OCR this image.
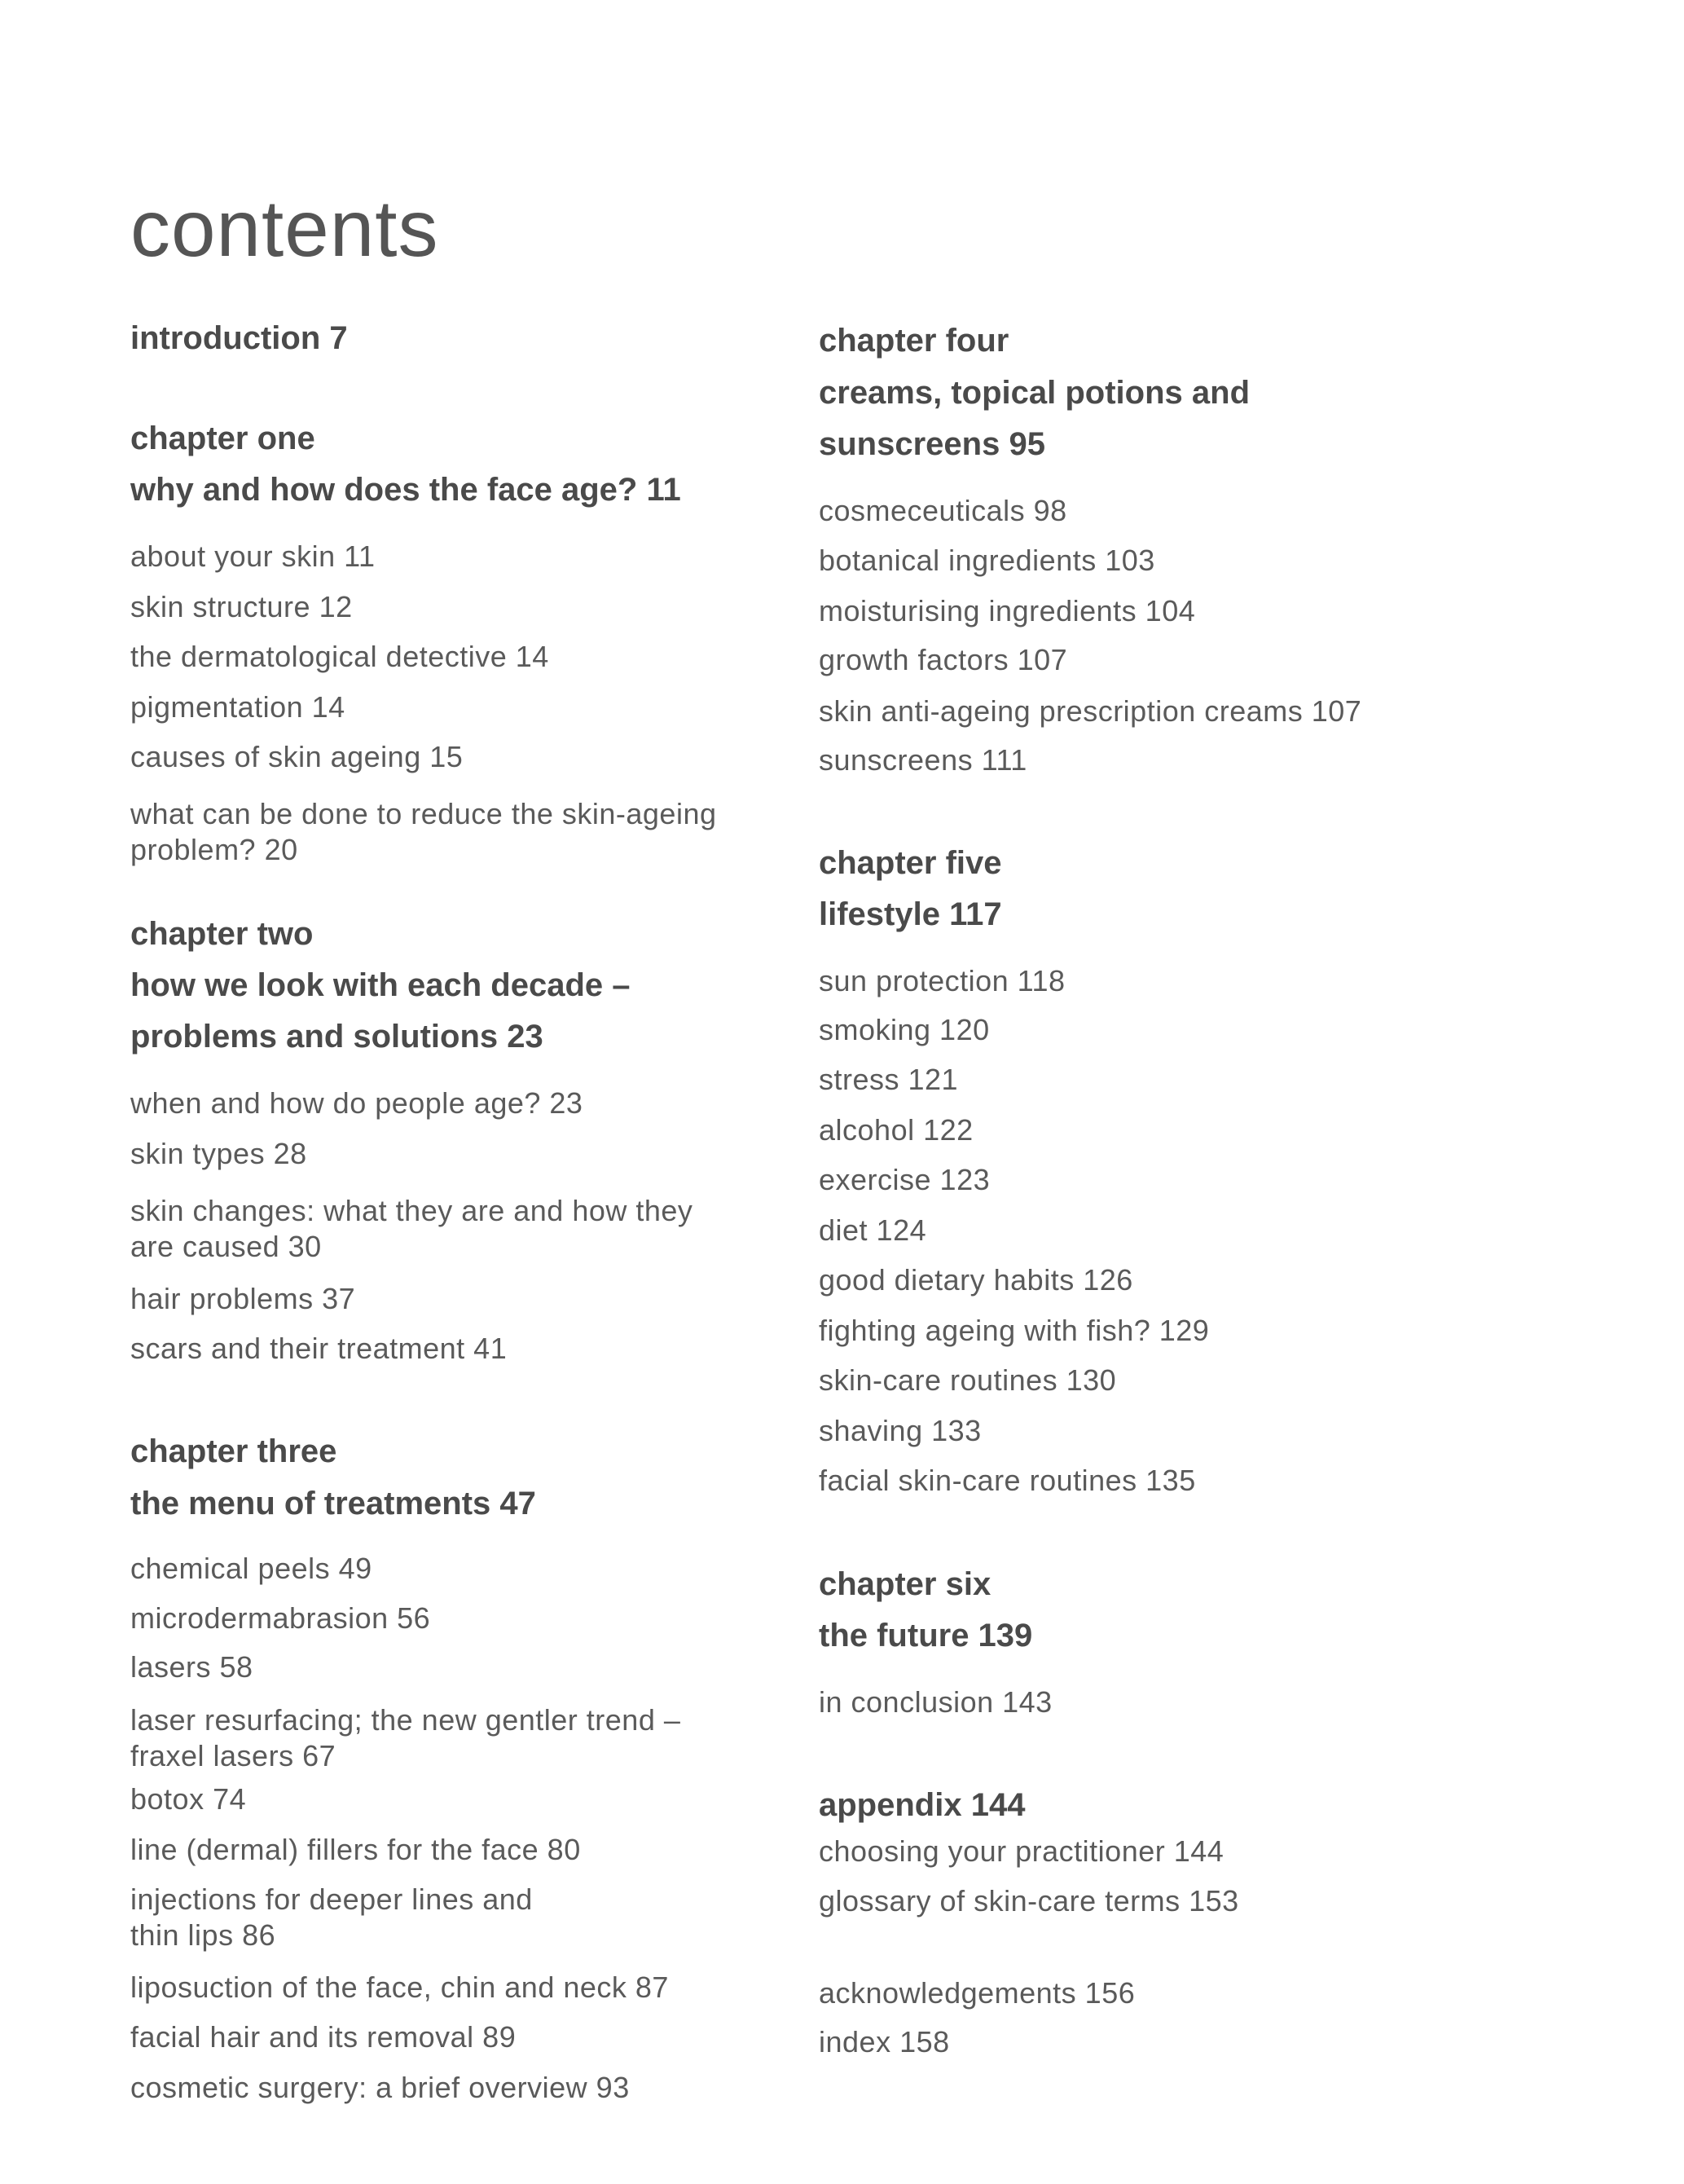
contents
introduction 7
chapter one
why and how does the face age? 11
about your skin 11
skin structure 12
the dermatological detective 14
pigmentation 14
causes of skin ageing 15
what can be done to reduce the skin-ageing
problem? 20
chapter two
how we look with each decade –
problems and solutions 23
when and how do people age? 23
skin types 28
skin changes: what they are and how they
are caused 30
hair problems 37
scars and their treatment 41
chapter three
the menu of treatments 47
chemical peels 49
microdermabrasion 56
lasers 58
laser resurfacing; the new gentler trend –
fraxel lasers 67
botox 74
line (dermal) fillers for the face 80
injections for deeper lines and
thin lips 86
liposuction of the face, chin and neck 87
facial hair and its removal 89
cosmetic surgery: a brief overview 93
chapter four
creams, topical potions and
sunscreens 95
cosmeceuticals 98
botanical ingredients 103
moisturising ingredients 104
growth factors 107
skin anti-ageing prescription creams 107
sunscreens 111
chapter five
lifestyle 117
sun protection 118
smoking 120
stress 121
alcohol 122
exercise 123
diet 124
good dietary habits 126
fighting ageing with fish? 129
skin-care routines 130
shaving 133
facial skin-care routines 135
chapter six
the future 139
in conclusion 143
appendix 144
choosing your practitioner 144
glossary of skin-care terms 153
acknowledgements 156
index 158
